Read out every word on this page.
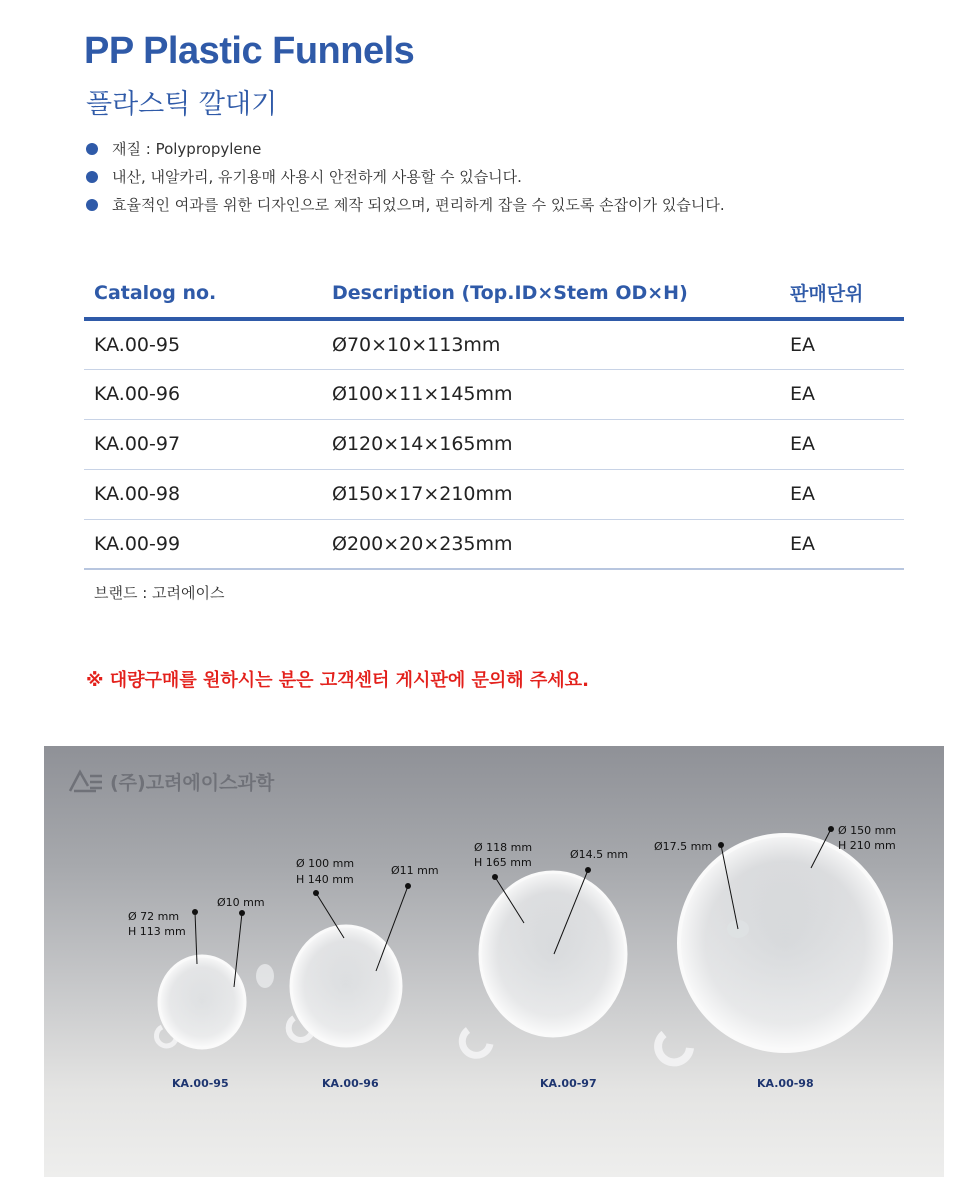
PP Plastic Funnels
플라스틱 깔대기
재질 : Polypropylene
내산, 내알카리, 유기용매 사용시 안전하게 사용할 수 있습니다.
효율적인 여과를 위한 디자인으로 제작 되었으며, 편리하게 잡을 수 있도록 손잡이가 있습니다.
Catalog no.	Description (Top.ID×Stem OD×H)	판매단위
KA.00-95	Ø70×10×113mm	EA
KA.00-96	Ø100×11×145mm	EA
KA.00-97	Ø120×14×165mm	EA
KA.00-98	Ø150×17×210mm	EA
KA.00-99	Ø200×20×235mm	EA
브랜드 : 고려에이스
※ 대량구매를 원하시는 분은 고객센터 게시판에 문의해 주세요.
(주)고려에이스과학
Ø 72 mm
H 113 mm
Ø10 mm
KA.00-95
Ø 100 mm
H 140 mm
Ø11 mm
KA.00-96
Ø 118 mm
H 165 mm
Ø14.5 mm
KA.00-97
Ø 150 mm
H 210 mm
Ø17.5 mm
KA.00-98
